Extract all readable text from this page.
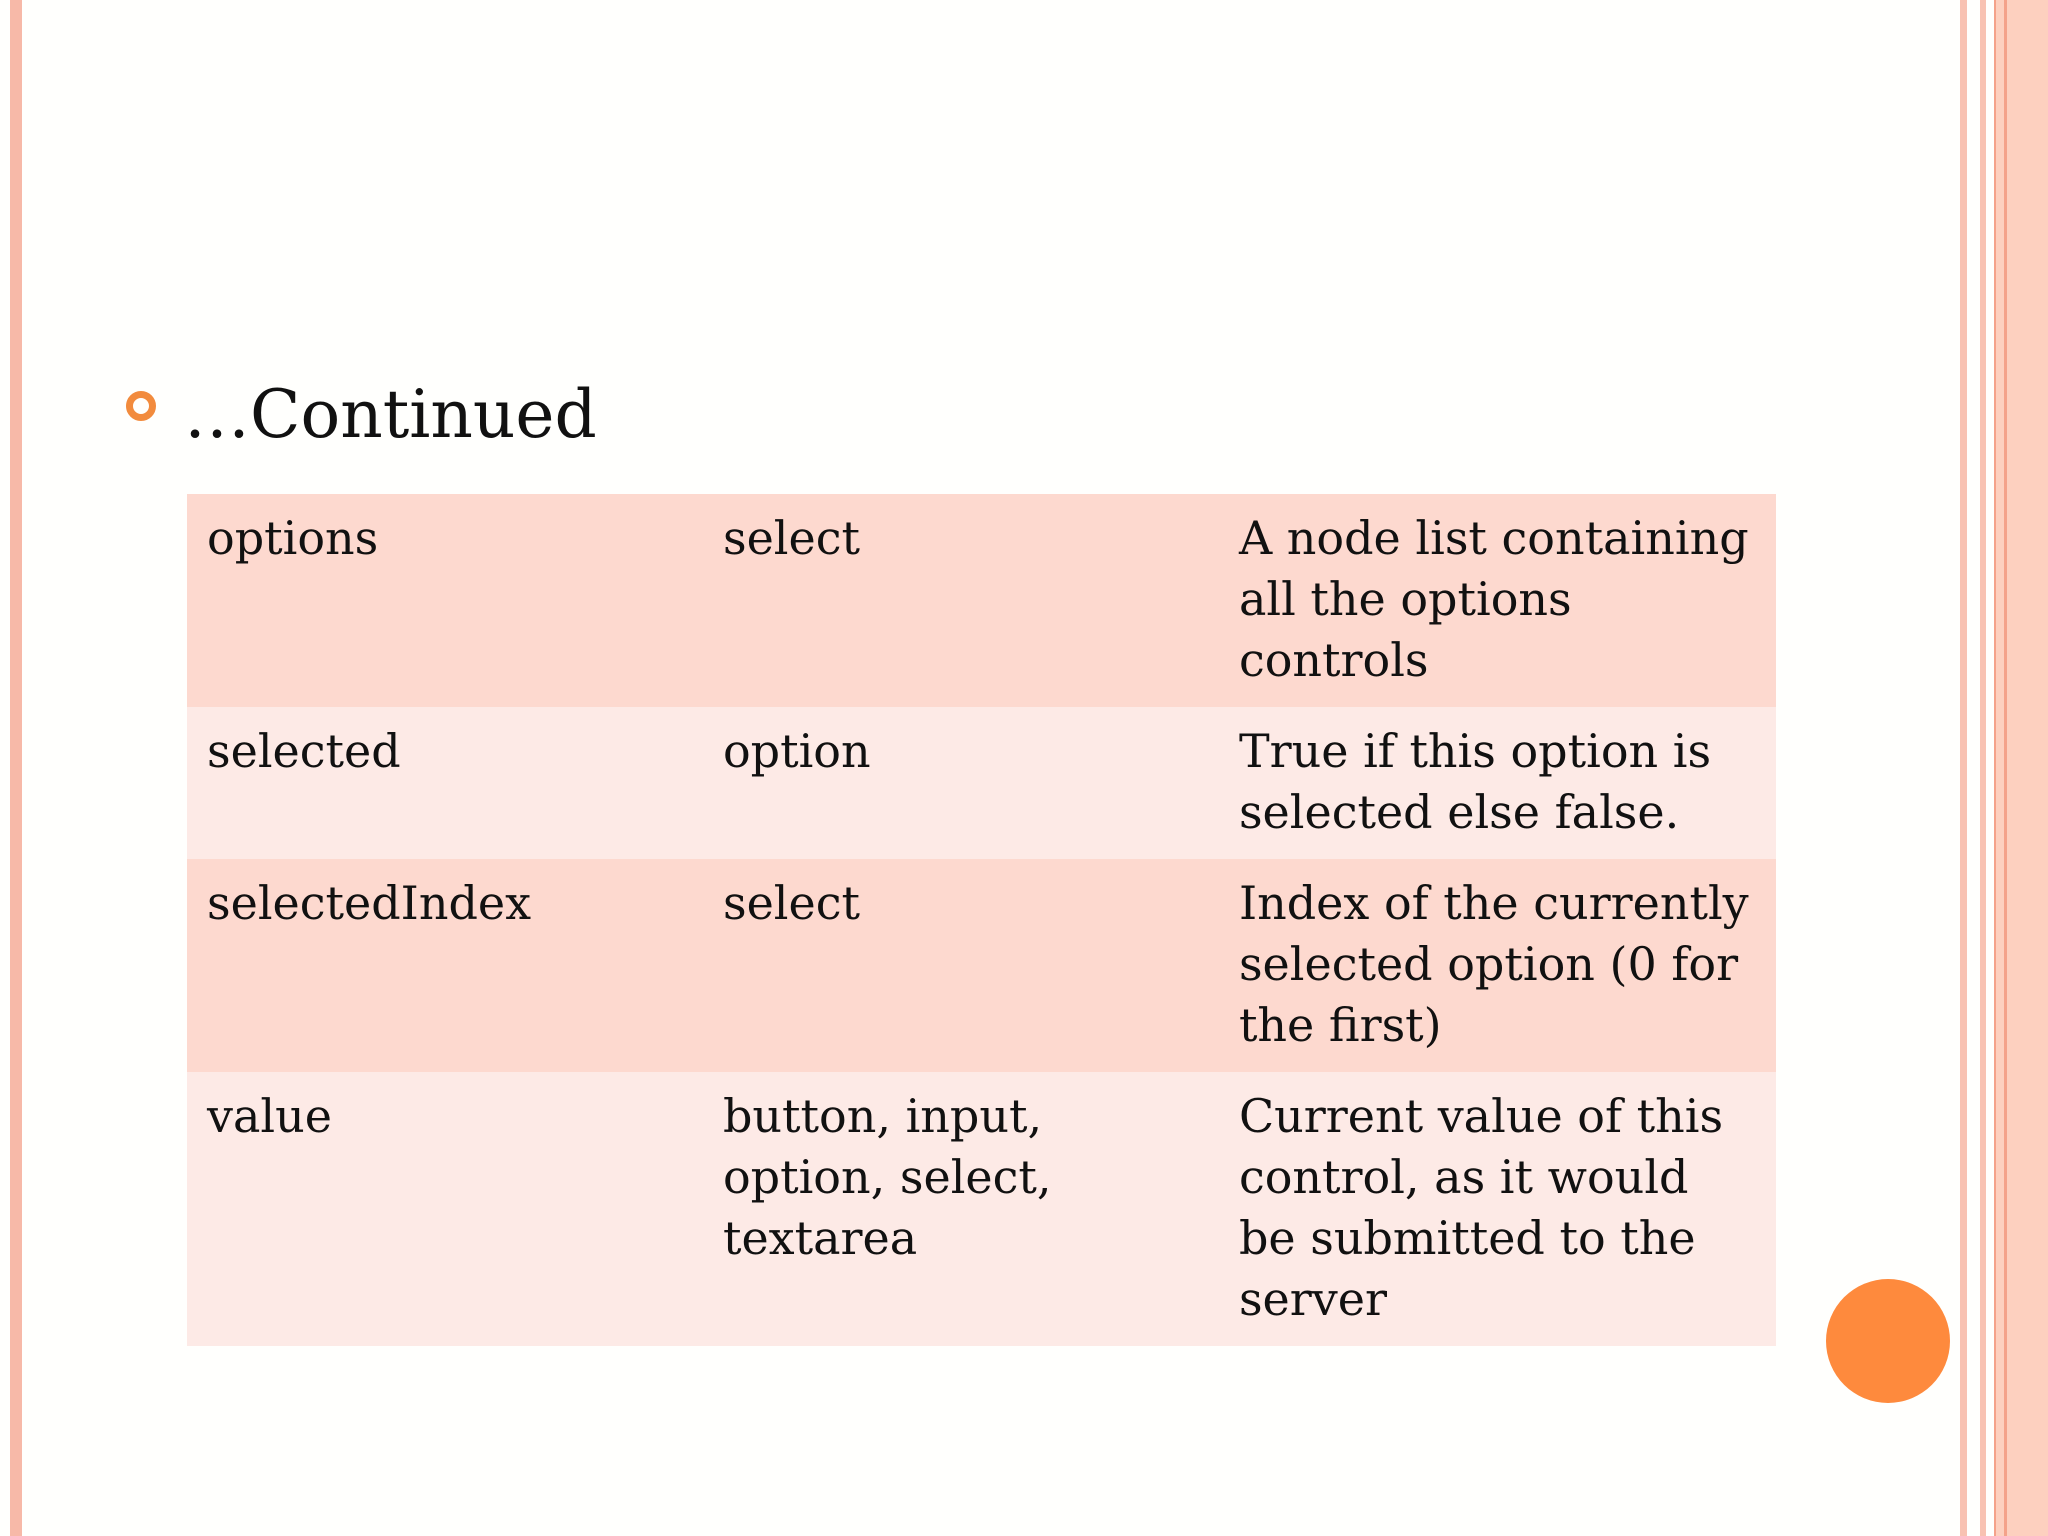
…Continued
options	select	A node list containing all the options controls
selected	option	True if this option is selected else false.
selectedIndex	select	Index of the currently selected option (0 for the first)
value	button, input, option, select, textarea	Current value of this control, as it would be submitted to the server
